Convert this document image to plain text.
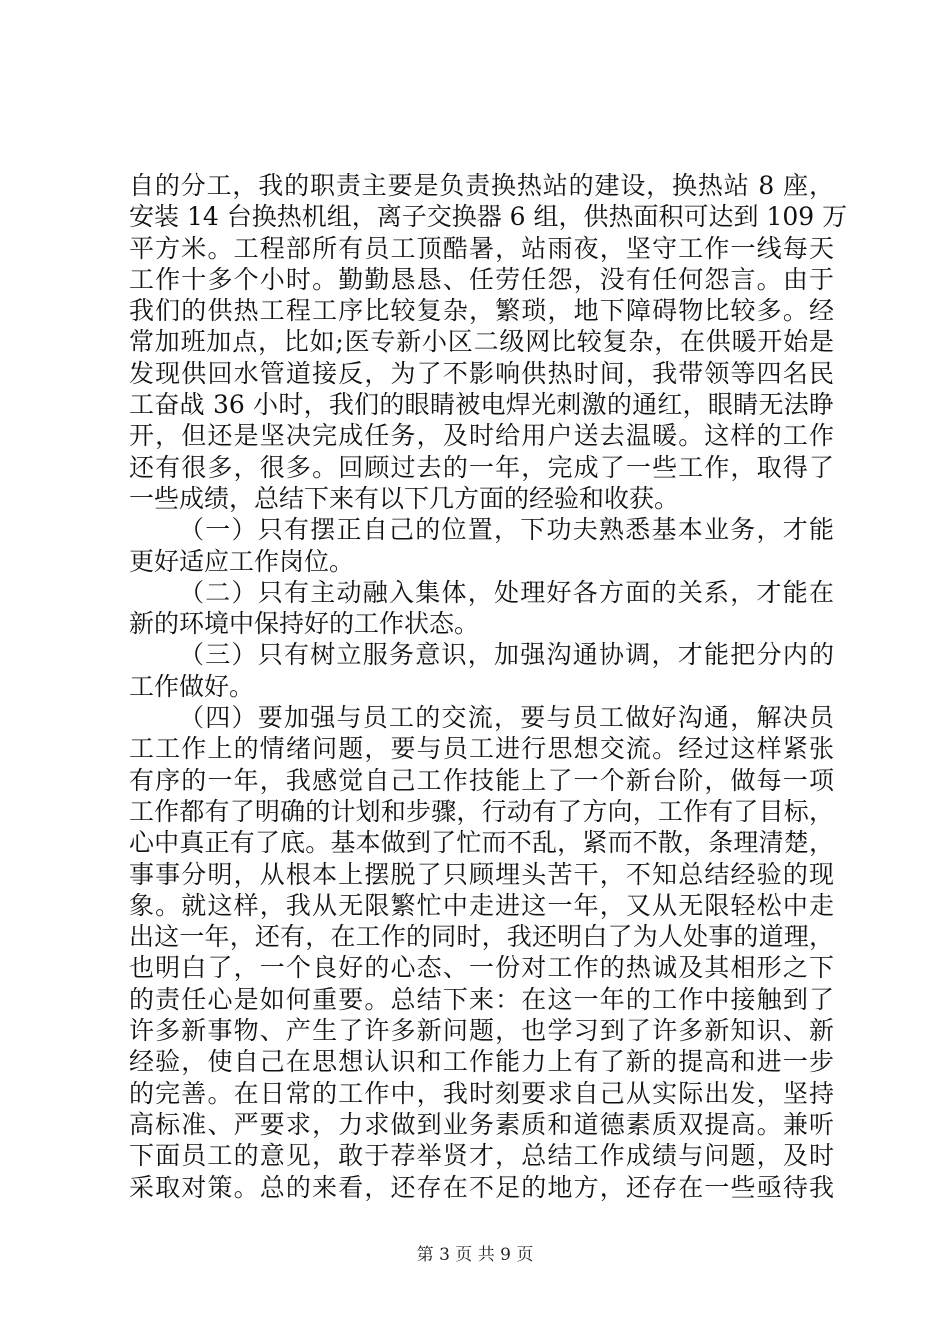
自的分工，我的职责主要是负责换热站的建设，换热站 8 座，
安装 14 台换热机组，离子交换器 6 组，供热面积可达到 109 万
平方米。工程部所有员工顶酷暑，站雨夜，坚守工作一线每天
工作十多个小时。勤勤恳恳、任劳任怨，没有任何怨言。由于
我们的供热工程工序比较复杂，繁琐，地下障碍物比较多。经
常加班加点，比如;医专新小区二级网比较复杂，在供暖开始是
发现供回水管道接反，为了不影响供热时间，我带领等四名民
工奋战 36 小时，我们的眼睛被电焊光刺激的通红，眼睛无法睁
开，但还是坚决完成任务，及时给用户送去温暖。这样的工作
还有很多，很多。回顾过去的一年，完成了一些工作，取得了
一些成绩，总结下来有以下几方面的经验和收获。
（一）只有摆正自己的位置，下功夫熟悉基本业务，才能
更好适应工作岗位。
（二）只有主动融入集体，处理好各方面的关系，才能在
新的环境中保持好的工作状态。
（三）只有树立服务意识，加强沟通协调，才能把分内的
工作做好。
（四）要加强与员工的交流，要与员工做好沟通，解决员
工工作上的情绪问题，要与员工进行思想交流。经过这样紧张
有序的一年，我感觉自己工作技能上了一个新台阶，做每一项
工作都有了明确的计划和步骤，行动有了方向，工作有了目标，
心中真正有了底。基本做到了忙而不乱，紧而不散，条理清楚，
事事分明，从根本上摆脱了只顾埋头苦干，不知总结经验的现
象。就这样，我从无限繁忙中走进这一年，又从无限轻松中走
出这一年，还有，在工作的同时，我还明白了为人处事的道理，
也明白了，一个良好的心态、一份对工作的热诚及其相形之下
的责任心是如何重要。总结下来：在这一年的工作中接触到了
许多新事物、产生了许多新问题，也学习到了许多新知识、新
经验，使自己在思想认识和工作能力上有了新的提高和进一步
的完善。在日常的工作中，我时刻要求自己从实际出发，坚持
高标准、严要求，力求做到业务素质和道德素质双提高。兼听
下面员工的意见，敢于荐举贤才，总结工作成绩与问题，及时
采取对策。总的来看，还存在不足的地方，还存在一些亟待我
第 3 页 共 9 页
